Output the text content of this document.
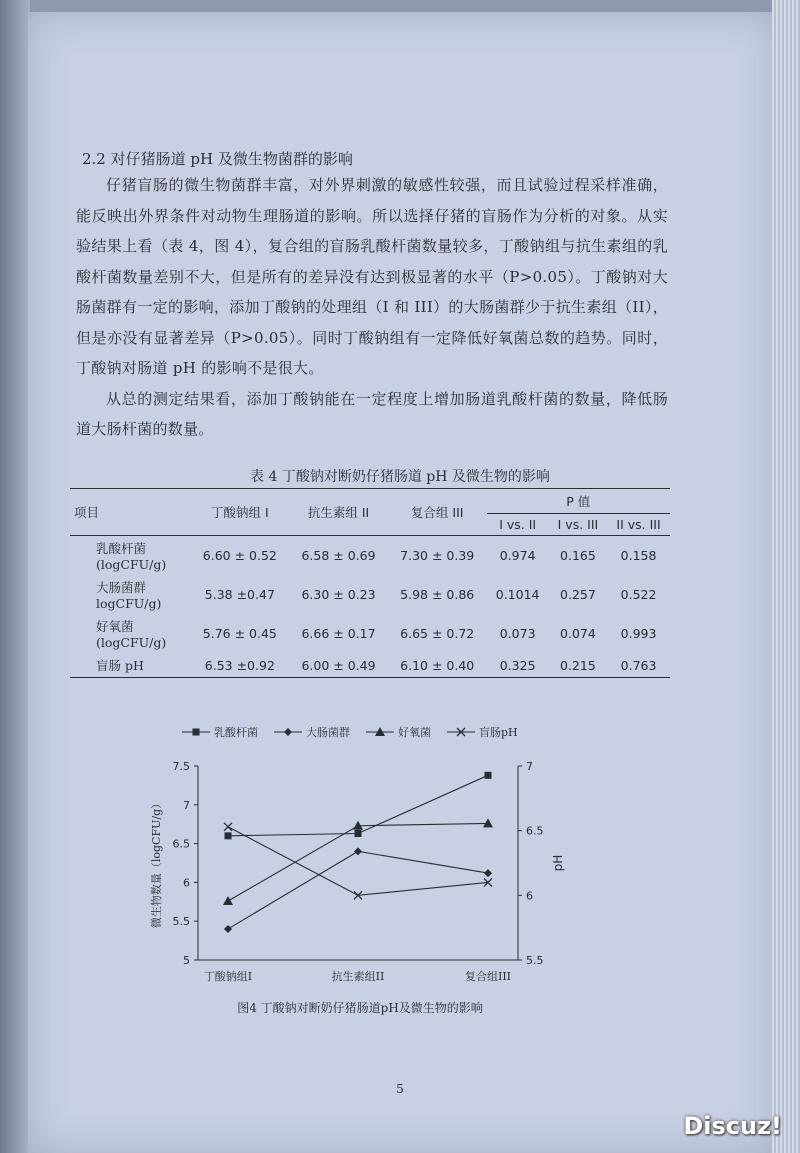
2.2 对仔猪肠道 pH 及微生物菌群的影响

仔猪盲肠的微生物菌群丰富，对外界刺激的敏感性较强，而且试验过程采样准确，能反映出外界条件对动物生理肠道的影响。所以选择仔猪的盲肠作为分析的对象。从实验结果上看（表 4，图 4），复合组的盲肠乳酸杆菌数量较多，丁酸钠组与抗生素组的乳酸杆菌数量差别不大，但是所有的差异没有达到极显著的水平（P>0.05）。丁酸钠对大肠菌群有一定的影响，添加丁酸钠的处理组（I 和 III）的大肠菌群少于抗生素组（II），但是亦没有显著差异（P>0.05）。同时丁酸钠组有一定降低好氧菌总数的趋势。同时，丁酸钠对肠道 pH 的影响不是很大。

从总的测定结果看，添加丁酸钠能在一定程度上增加肠道乳酸杆菌的数量，降低肠道大肠杆菌的数量。

表 4 丁酸钠对断奶仔猪肠道 pH 及微生物的影响
项目	丁酸钠组 I	抗生素组 II	复合组 III	P 值		
				I vs. II	I vs. III	II vs. III
乳酸杆菌
(logCFU/g)	6.60 ± 0.52	6.58 ± 0.69	7.30 ± 0.39	0.974	0.165	0.158
大肠菌群
logCFU/g)	5.38 ±0.47	6.30 ± 0.23	5.98 ± 0.86	0.1014	0.257	0.522
好氧菌
(logCFU/g)	5.76 ± 0.45	6.66 ± 0.17	6.65 ± 0.72	0.073	0.074	0.993
盲肠 pH	6.53 ±0.92	6.00 ± 0.49	6.10 ± 0.40	0.325	0.215	0.763
5
5.5
6
6.5
7
7.5
5.5
6
6.5
7
丁酸钠组I	抗生素组II	复合组III
微生物数量（logCFU/g）	pH
乳酸杆菌	大肠菌群	好氧菌	盲肠pH
图4 丁酸钠对断奶仔猪肠道pH及微生物的影响
5
Discuz!
